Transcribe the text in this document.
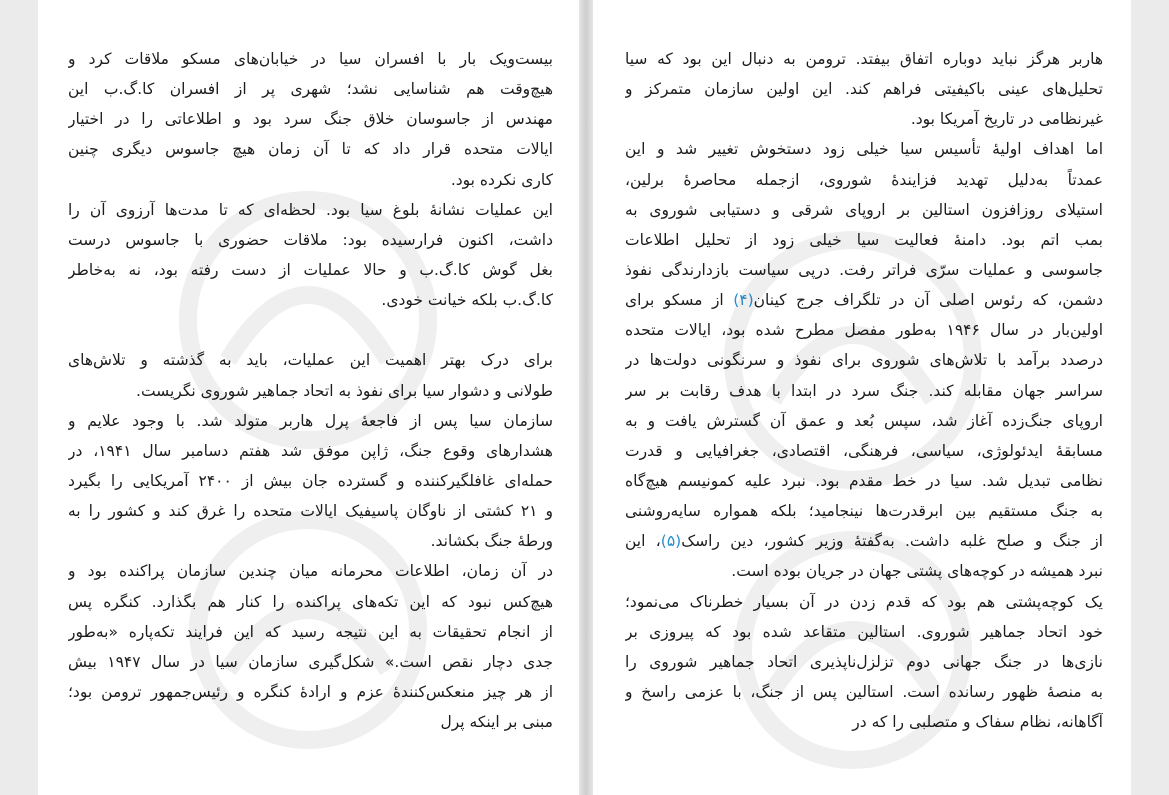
بیست‌ویک بار با افسران سیا در خیابان‌های مسکو ملاقات کرد و
هیچ‌وقت هم شناسایی نشد؛ شهری پر از افسران کا.گ.ب این
مهندس از جاسوسان خلاق جنگ سرد بود و اطلاعاتی را در اختیار
ایالات متحده قرار داد که تا آن زمان هیچ جاسوس دیگری چنین
کاری نکرده بود.
این عملیات نشانهٔ بلوغ سیا بود. لحظه‌ای که تا مدت‌ها آرزوی آن را
داشت، اکنون فرارسیده بود: ملاقات حضوری با جاسوس درست
بغل گوش کا.گ.ب و حالا عملیات از دست رفته بود، نه به‌خاطر
کا.گ.ب بلکه خیانت خودی.
برای درک بهتر اهمیت این عملیات، باید به گذشته و تلاش‌های
طولانی و دشوار سیا برای نفوذ به اتحاد جماهیر شوروی نگریست.
سازمان سیا پس از فاجعهٔ پرل هاربر متولد شد. با وجود علایم و
هشدارهای وقوع جنگ، ژاپن موفق شد هفتم دسامبر سال ۱۹۴۱، در
حمله‌ای غافلگیرکننده و گسترده جان بیش از ۲۴۰۰ آمریکایی را بگیرد
و ۲۱ کشتی از ناوگان پاسیفیک ایالات متحده را غرق کند و کشور را به
ورطهٔ جنگ بکشاند.
در آن زمان، اطلاعات محرمانه میان چندین سازمان پراکنده بود و
هیچ‌کس نبود که این تکه‌های پراکنده را کنار هم بگذارد. کنگره پس
از انجام تحقیقات به این نتیجه رسید که این فرایند تکه‌پاره «به‌طور
جدی دچار نقص است.» شکل‌گیری سازمان سیا در سال ۱۹۴۷ بیش
از هر چیز منعکس‌کنندهٔ عزم و ارادهٔ کنگره و رئیس‌جمهور ترومن بود؛
مبنی بر اینکه پرل
هاربر هرگز نباید دوباره اتفاق بیفتد. ترومن به دنبال این بود که سیا
تحلیل‌های عینی باکیفیتی فراهم کند. این اولین سازمان متمرکز و
غیرنظامی در تاریخ آمریکا بود.
اما اهداف اولیهٔ تأسیس سیا خیلی زود دستخوش تغییر شد و این
عمدتاً به‌دلیل تهدید فزایندهٔ شوروی، ازجمله محاصرهٔ برلین،
استیلای روزافزون استالین بر اروپای شرقی و دستیابی شوروی به
بمب اتم بود. دامنهٔ فعالیت سیا خیلی زود از تحلیل اطلاعات
جاسوسی و عملیات سرّی فراتر رفت. درپی سیاست بازدارندگی نفوذ
دشمن، که رئوس اصلی آن در تلگراف جرج کینان(۴) از مسکو برای
اولین‌بار در سال ۱۹۴۶ به‌طور مفصل مطرح شده بود، ایالات متحده
درصدد برآمد با تلاش‌های شوروی برای نفوذ و سرنگونی دولت‌ها در
سراسر جهان مقابله کند. جنگ سرد در ابتدا با هدف رقابت بر سر
اروپای جنگ‌زده آغاز شد، سپس بُعد و عمق آن گسترش یافت و به
مسابقهٔ ایدئولوژی، سیاسی، فرهنگی، اقتصادی، جغرافیایی و قدرت
نظامی تبدیل شد. سیا در خط مقدم بود. نبرد علیه کمونیسم هیچ‌گاه
به جنگ مستقیم بین ابرقدرت‌ها نینجامید؛ بلکه همواره سایه‌روشنی
از جنگ و صلح غلبه داشت. به‌گفتهٔ وزیر کشور، دین راسک(۵)، این
نبرد همیشه در کوچه‌های پشتی جهان در جریان بوده است.
یک کوچه‌پشتی هم بود که قدم زدن در آن بسیار خطرناک می‌نمود؛
خود اتحاد جماهیر شوروی. استالین متقاعد شده بود که پیروزی بر
نازی‌ها در جنگ جهانی دوم تزلزل‌ناپذیری اتحاد جماهیر شوروی را
به منصهٔ ظهور رسانده است. استالین پس از جنگ، با عزمی راسخ و
آگاهانه، نظام سفاک و متصلبی را که در
